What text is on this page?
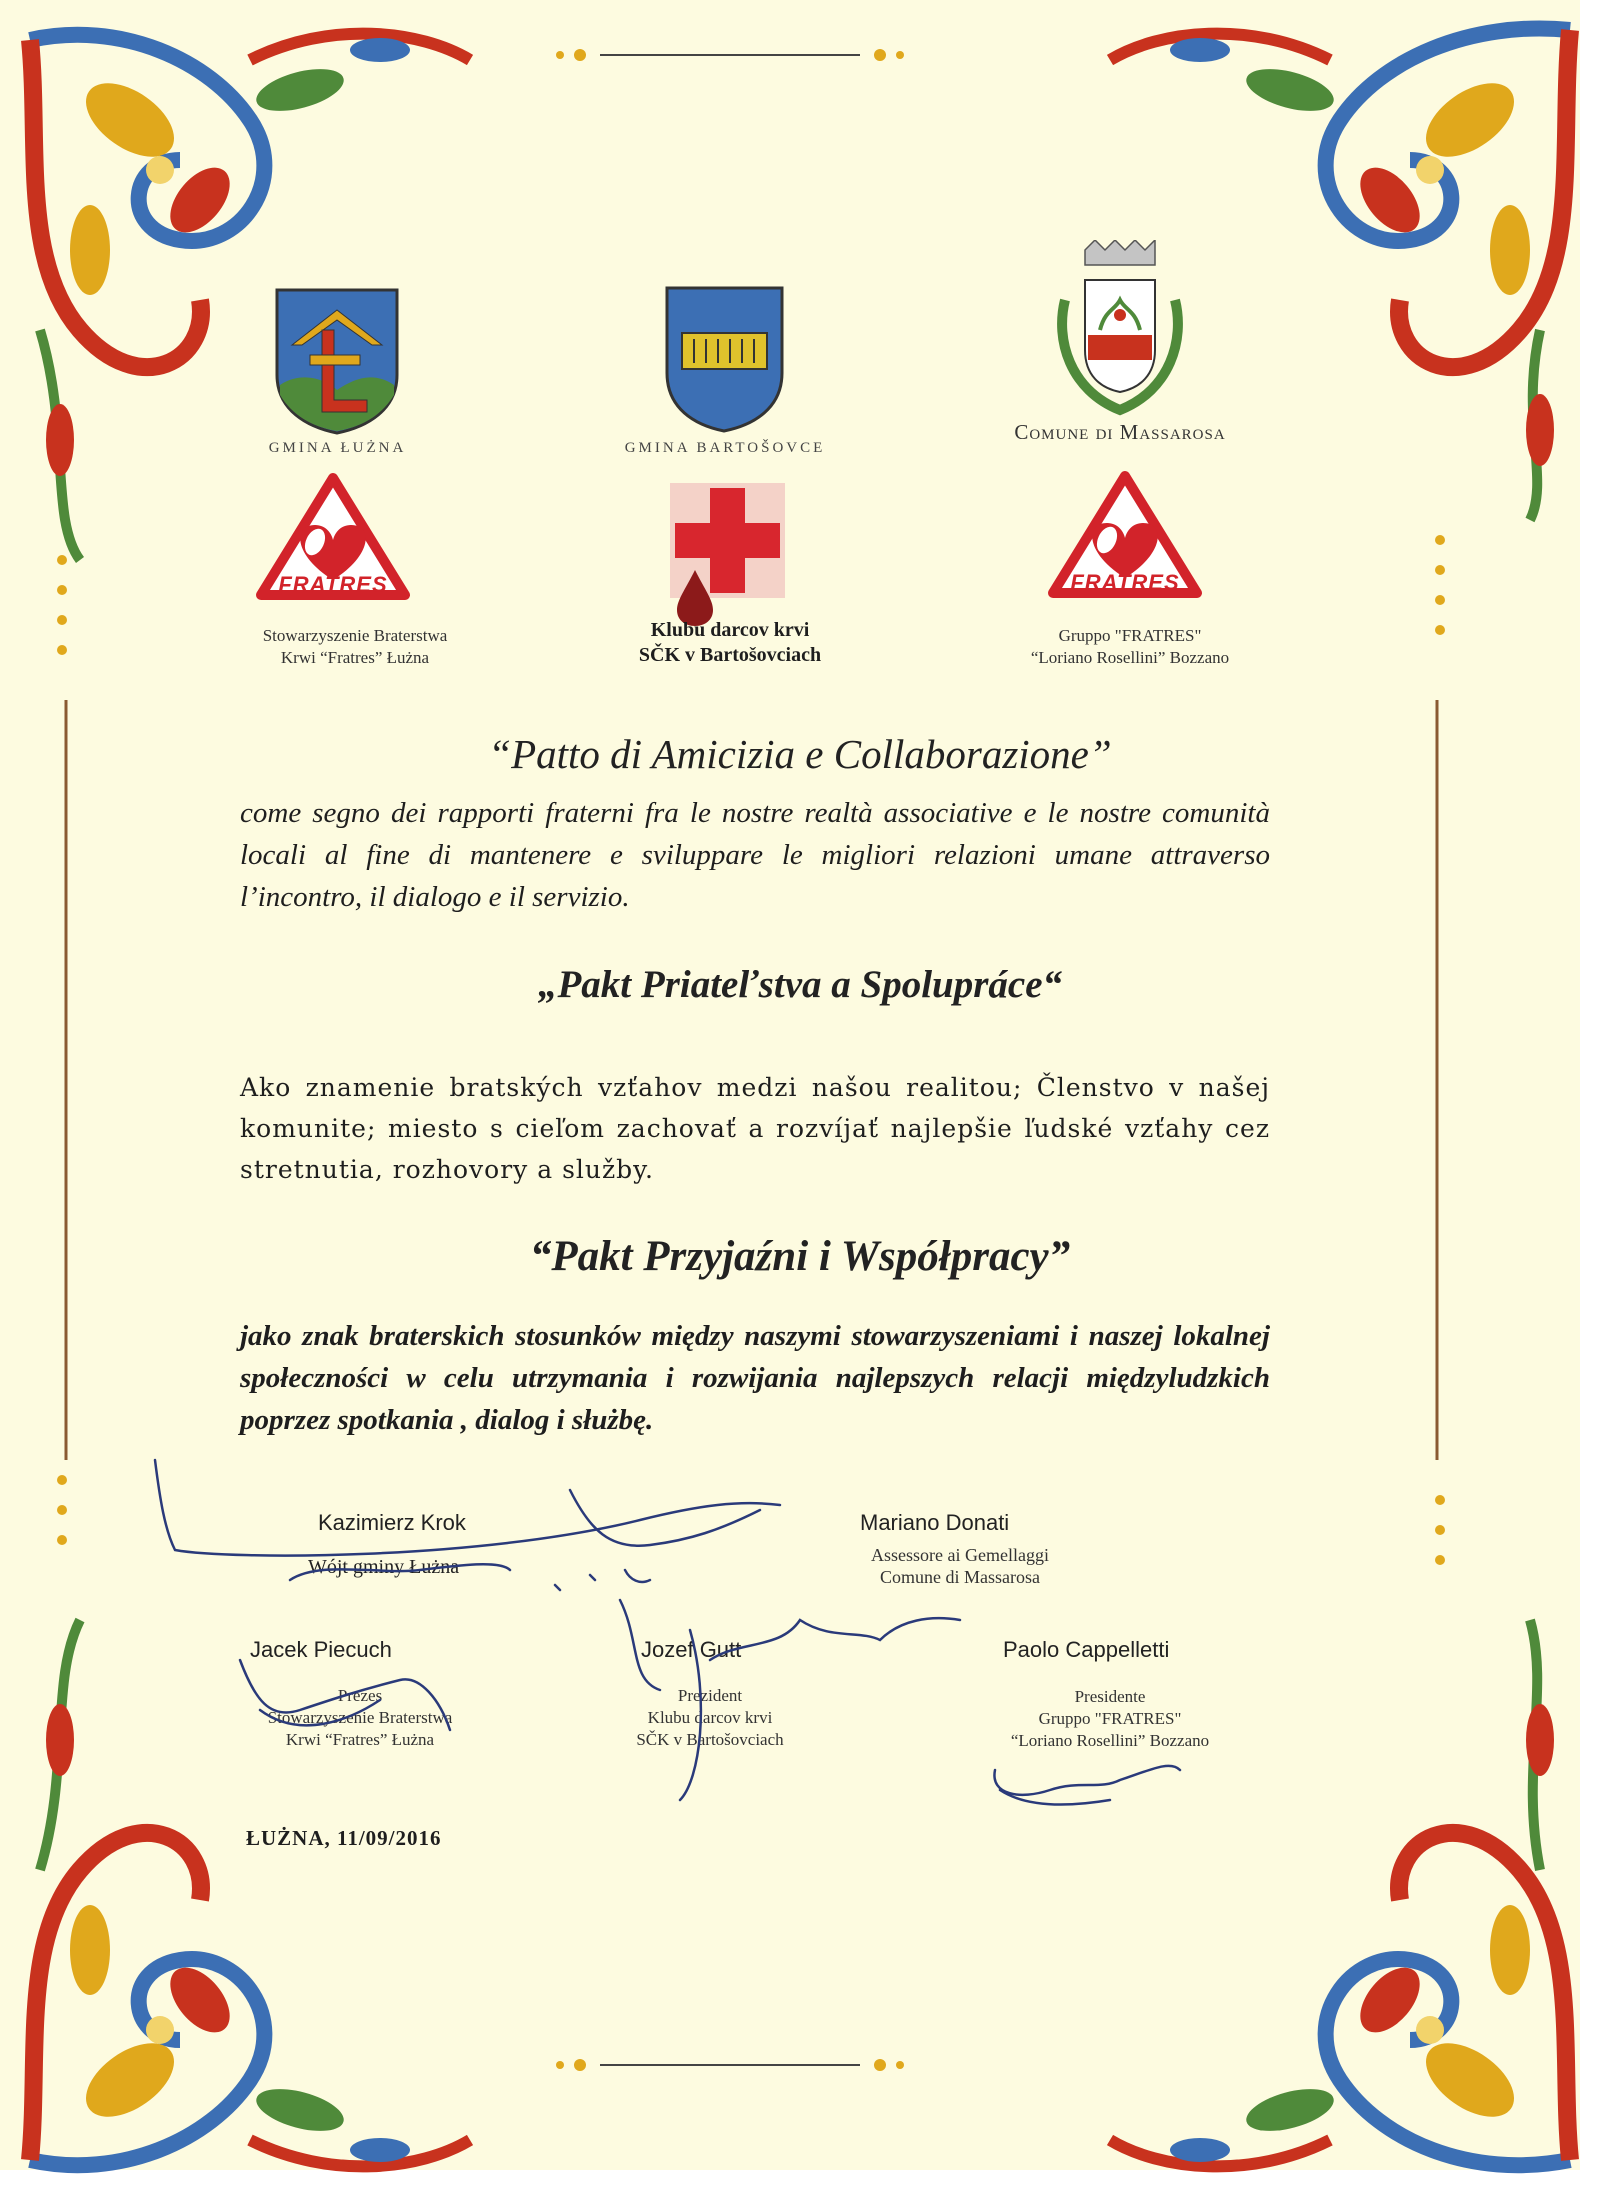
GMINA ŁUŻNA	GMINA BARTOŠOVCE
Comune di Massarosa
FRATRES	FRATRES
Stowarzyszenie Braterstwa
Krwi “Fratres” Łużna
Klubu darcov krvi
SČK v Bartošovciach
Gruppo "FRATRES"
“Loriano Rosellini” Bozzano
“Patto di Amicizia e Collaborazione”
come segno dei rapporti fraterni fra le nostre realtà associative e le nostre comunità locali al fine di mantenere e sviluppare le migliori relazioni umane attraverso l’incontro, il dialogo e il servizio.
„Pakt Priateľstva a Spolupráce“
Ako znamenie bratských vzťahov medzi našou realitou; Členstvo v našej komunite; miesto s cieľom zachovať a rozvíjať najlepšie ľudské vzťahy cez stretnutia, rozhovory a služby.
“Pakt Przyjaźni i Współpracy”
jako znak braterskich stosunków między naszymi stowarzyszeniami i naszej lokalnej społeczności w celu utrzymania i rozwijania najlepszych relacji międzyludzkich poprzez spotkania , dialog i służbę.
Kazimierz Krok
Wójt gminy Łużna
Mariano Donati
Assessore ai Gemellaggi
Comune di Massarosa
Jacek Piecuch
Prezes
Stowarzyszenie Braterstwa
Krwi “Fratres” Łużna
Jozef Gutt
Prezident
Klubu darcov krvi
SČK v Bartošovciach
Paolo Cappelletti
Presidente
Gruppo "FRATRES"
“Loriano Rosellini” Bozzano
ŁUŻNA, 11/09/2016
